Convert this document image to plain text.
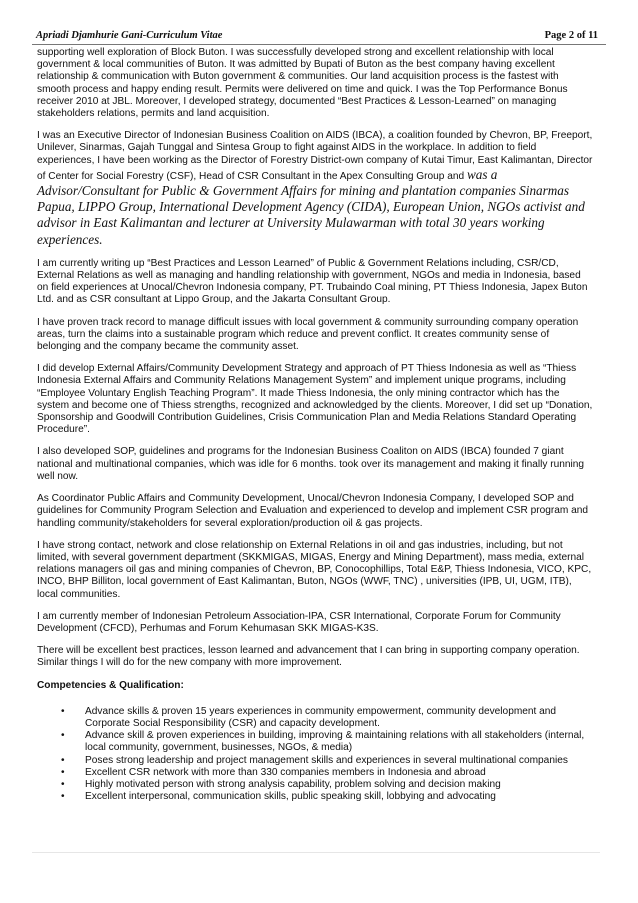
Apriadi Djamhurie Gani-Curriculum Vitae	Page 2 of 11

supporting well exploration of Block Buton. I was successfully developed strong and excellent relationship with local government & local communities of Buton. It was admitted by Bupati of Buton as the best company having excellent relationship & communication with Buton government & communities. Our land acquisition process is the fastest with smooth process and happy ending result. Permits were delivered on time and quick. I was the Top Performance Bonus receiver 2010 at JBL. Moreover, I developed strategy, documented “Best Practices & Lesson-Learned” on managing stakeholders relations, permits and land acquisition.

I was an Executive Director of Indonesian Business Coalition on AIDS (IBCA), a coalition founded by Chevron, BP, Freeport, Unilever, Sinarmas, Gajah Tunggal and Sintesa Group to fight against AIDS in the workplace. In addition to field experiences, I have been working as the Director of Forestry District-own company of Kutai Timur, East Kalimantan, Director of Center for Social Forestry (CSF), Head of CSR Consultant in the Apex Consulting Group and was a Advisor/Consultant for Public & Government Affairs for mining and plantation companies Sinarmas Papua, LIPPO Group, International Development Agency (CIDA), European Union, NGOs activist and advisor in East Kalimantan and lecturer at University Mulawarman with total 30 years working experiences.

I am currently writing up “Best Practices and Lesson Learned” of Public & Government Relations including, CSR/CD, External Relations as well as managing and handling relationship with government, NGOs and media in Indonesia, based on field experiences at Unocal/Chevron Indonesia company, PT. Trubaindo Coal mining, PT Thiess Indonesia, Japex Buton Ltd. and as CSR consultant at Lippo Group, and the Jakarta Consultant Group.

I have proven track record to manage difficult issues with local government & community surrounding company operation areas, turn the claims into a sustainable program which reduce and prevent conflict. It creates community sense of belonging and the company became the community asset.

I did develop External Affairs/Community Development Strategy and approach of PT Thiess Indonesia as well as “Thiess Indonesia External Affairs and Community Relations Management System” and implement unique programs, including “Employee Voluntary English Teaching Program”. It made Thiess Indonesia, the only mining contractor which has the system and become one of Thiess strengths, recognized and acknowledged by the clients. Moreover, I did set up “Donation, Sponsorship and Goodwill Contribution Guidelines, Crisis Communication Plan and Media Relations Standard Operating Procedure”.

I also developed SOP, guidelines and programs for the Indonesian Business Coaliton on AIDS (IBCA) founded 7 giant national and multinational companies, which was idle for 6 months. took over its management and making it finally running well now.

As Coordinator Public Affairs and Community Development, Unocal/Chevron Indonesia Company, I developed SOP and guidelines for Community Program Selection and Evaluation and experienced to develop and implement CSR program and handling community/stakeholders for several exploration/production oil & gas projects.

I have strong contact, network and close relationship on External Relations in oil and gas industries, including, but not limited, with several government department (SKKMIGAS, MIGAS, Energy and Mining Department), mass media, external relations managers oil gas and mining companies of Chevron, BP, Conocophillips, Total E&P, Thiess Indonesia, VICO, KPC, INCO, BHP Billiton, local government of East Kalimantan, Buton, NGOs (WWF, TNC) , universities (IPB, UI, UGM, ITB), local communities.

I am currently member of Indonesian Petroleum Association-IPA, CSR International, Corporate Forum for Community Development (CFCD), Perhumas and Forum Kehumasan SKK MIGAS-K3S.

There will be excellent best practices, lesson learned and advancement that I can bring in supporting company operation. Similar things I will do for the new company with more improvement.

Competencies & Qualification:
• Advance skills & proven 15 years experiences in community empowerment, community development and Corporate Social Responsibility (CSR) and capacity development.
• Advance skill & proven experiences in building, improving & maintaining relations with all stakeholders (internal, local community, government, businesses, NGOs, & media)
• Poses strong leadership and project management skills and experiences in several multinational companies
• Excellent CSR network with more than 330 companies members in Indonesia and abroad
• Highly motivated person with strong analysis capability, problem solving and decision making
• Excellent interpersonal, communication skills, public speaking skill, lobbying and advocating
